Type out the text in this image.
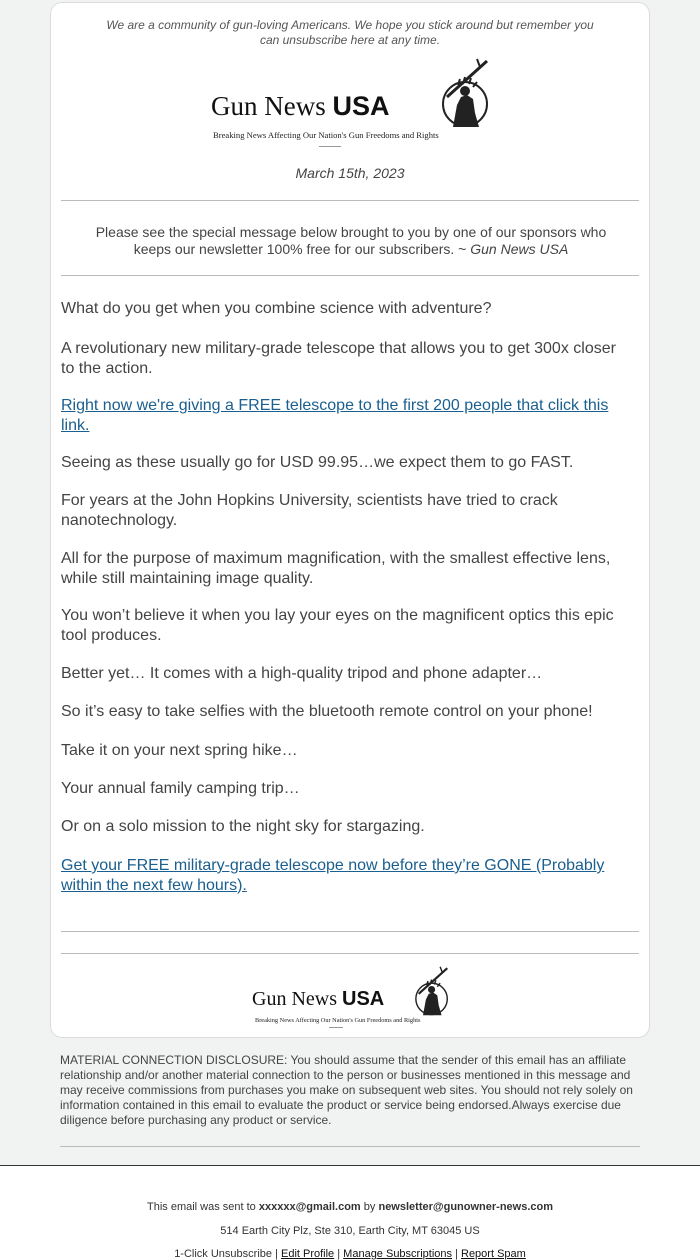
We are a community of gun-loving Americans. We hope you stick around but remember you can unsubscribe here at any time.
Gun News USA
Breaking News Affecting Our Nation's Gun Freedoms and Rights
March 15th, 2023
Please see the special message below brought to you by one of our sponsors who keeps our newsletter 100% free for our subscribers. ~ Gun News USA
What do you get when you combine science with adventure?
A revolutionary new military-grade telescope that allows you to get 300x closer to the action.
Right now we're giving a FREE telescope to the first 200 people that click this link.
Seeing as these usually go for USD 99.95…we expect them to go FAST.
For years at the John Hopkins University, scientists have tried to crack nanotechnology.
All for the purpose of maximum magnification, with the smallest effective lens, while still maintaining image quality.
You won’t believe it when you lay your eyes on the magnificent optics this epic tool produces.
Better yet… It comes with a high-quality tripod and phone adapter…
So it’s easy to take selfies with the bluetooth remote control on your phone!
Take it on your next spring hike…
Your annual family camping trip…
Or on a solo mission to the night sky for stargazing.
Get your FREE military-grade telescope now before they’re GONE (Probably within the next few hours).
Gun News USA
Breaking News Affecting Our Nation's Gun Freedoms and Rights
MATERIAL CONNECTION DISCLOSURE: You should assume that the sender of this email has an affiliate relationship and/or another material connection to the person or businesses mentioned in this message and may receive commissions from purchases you make on subsequent web sites. You should not rely solely on information contained in this email to evaluate the product or service being endorsed.Always exercise due diligence before purchasing any product or service.
This email was sent to xxxxxx@gmail.com by newsletter@gunowner-news.com
514 Earth City Plz, Ste 310, Earth City, MT 63045 US
1-Click Unsubscribe | Edit Profile | Manage Subscriptions | Report Spam
